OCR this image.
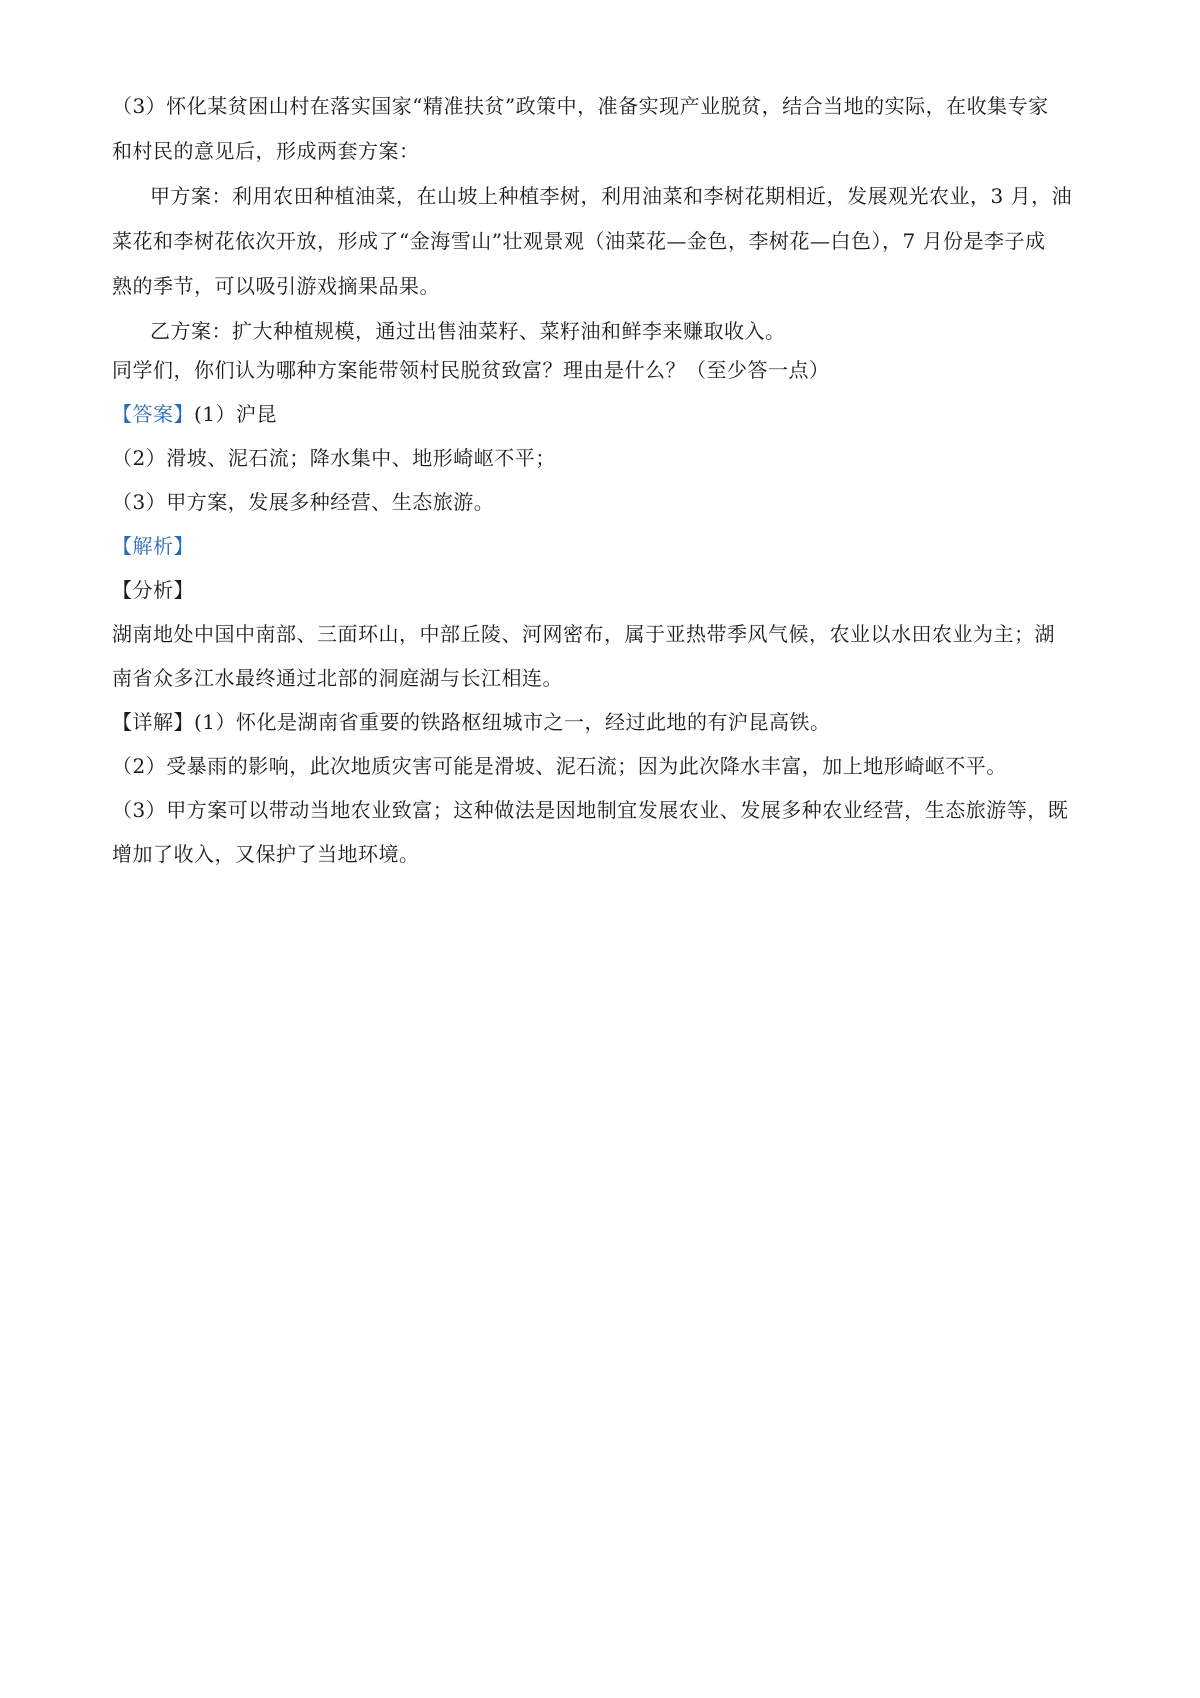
（3）怀化某贫困山村在落实国家“精准扶贫”政策中，准备实现产业脱贫，结合当地的实际，在收集专家
和村民的意见后，形成两套方案：
甲方案：利用农田种植油菜，在山坡上种植李树，利用油菜和李树花期相近，发展观光农业，3 月，油
菜花和李树花依次开放，形成了“金海雪山”壮观景观（油菜花—金色，李树花—白色），7 月份是李子成
熟的季节，可以吸引游戏摘果品果。
乙方案：扩大种植规模，通过出售油菜籽、菜籽油和鲜李来赚取收入。
同学们，你们认为哪种方案能带领村民脱贫致富？理由是什么？（至少答一点）
【答案】(1）沪昆
（2）滑坡、泥石流；降水集中、地形崎岖不平；
（3）甲方案，发展多种经营、生态旅游。
【解析】
【分析】
湖南地处中国中南部、三面环山，中部丘陵、河网密布，属于亚热带季风气候，农业以水田农业为主；湖
南省众多江水最终通过北部的洞庭湖与长江相连。
【详解】(1）怀化是湖南省重要的铁路枢纽城市之一，经过此地的有沪昆高铁。
（2）受暴雨的影响，此次地质灾害可能是滑坡、泥石流；因为此次降水丰富，加上地形崎岖不平。
（3）甲方案可以带动当地农业致富；这种做法是因地制宜发展农业、发展多种农业经营，生态旅游等，既
增加了收入，又保护了当地环境。
